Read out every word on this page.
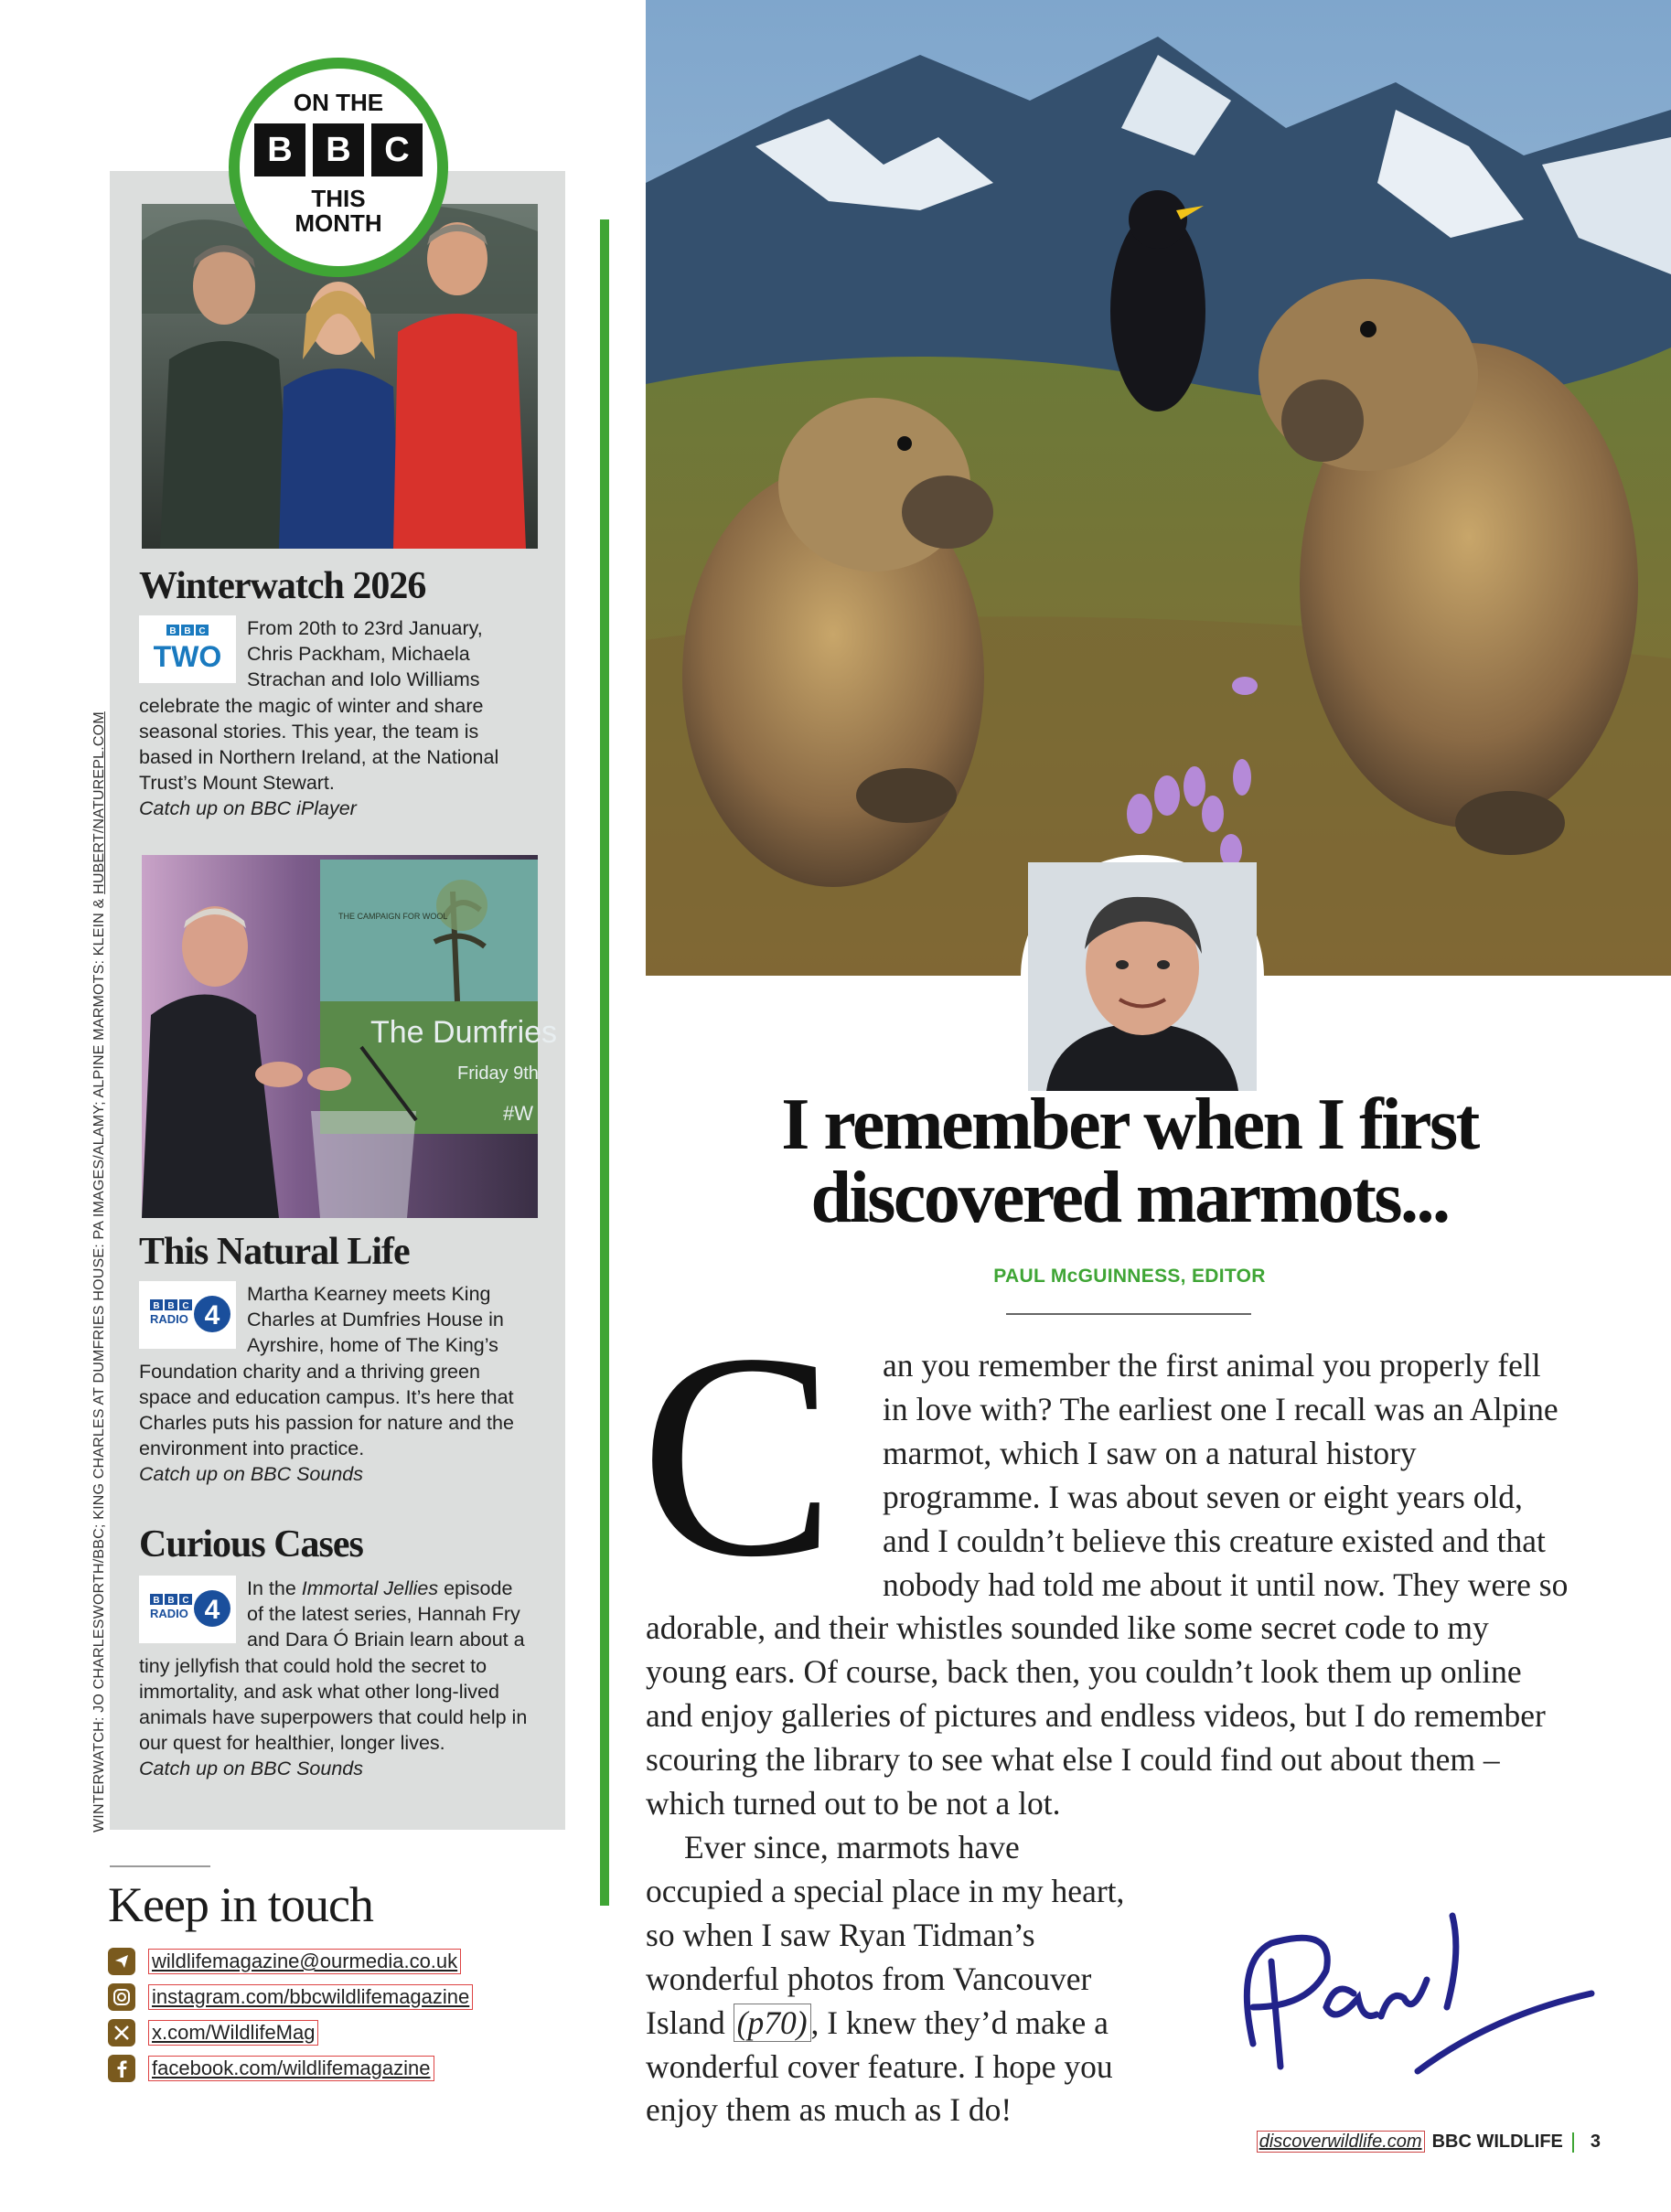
WINTERWATCH: JO CHARLESWORTH/BBC; KING CHARLES AT DUMFRIES HOUSE: PA IMAGES/ALAMY; ALPINE MARMOTS: KLEIN & HUBERT/NATUREPL.COM
Winterwatch 2026
B B C
TWO
From 20th to 23rd January, Chris Packham, Michaela Strachan and Iolo Williams celebrate the magic of winter and share seasonal stories. This year, the team is based in Northern Ireland, at the National Trust’s Mount Stewart.
Catch up on BBC iPlayer
THE CAMPAIGN FOR WOOL
The Dumfries
Friday 9th
#W
This Natural Life
B B C
RADIO 4
Martha Kearney meets King Charles at Dumfries House in Ayrshire, home of The King’s Foundation charity and a thriving green space and education campus. It’s here that Charles puts his passion for nature and the environment into practice.
Catch up on BBC Sounds
Curious Cases
B B C
RADIO 4
In the Immortal Jellies episode of the latest series, Hannah Fry and Dara Ó Briain learn about a tiny jellyfish that could hold the secret to immortality, and ask what other long-lived animals have superpowers that could help in our quest for healthier, longer lives.
Catch up on BBC Sounds
ON THE
B B C
THIS
MONTH
Keep in touch
wildlifemagazine@ourmedia.co.uk
instagram.com/bbcwildlifemagazine
x.com/WildlifeMag
facebook.com/wildlifemagazine
I remember when I first discovered marmots...
PAUL McGUINNESS, EDITOR

C	an you remember the first animal you properly fell in love with? The earliest one I recall was an Alpine marmot, which I saw on a natural history programme. I was about seven or eight years old, and I couldn’t believe this creature existed and that nobody had told me about it until now. They were so adorable, and their whistles sounded like some secret code to my young ears. Of course, back then, you couldn’t look them up online and enjoy galleries of pictures and endless videos, but I do remember scouring the library to see what else I could find out about them – which turned out to be not a lot.

Ever since, marmots have occupied a special place in my heart, so when I saw Ryan Tidman’s wonderful photos from Vancouver Island (p70) , I knew they’d make a wonderful cover feature. I hope you enjoy them as much as I do!

discoverwildlife.com BBC WILDLIFE 3
